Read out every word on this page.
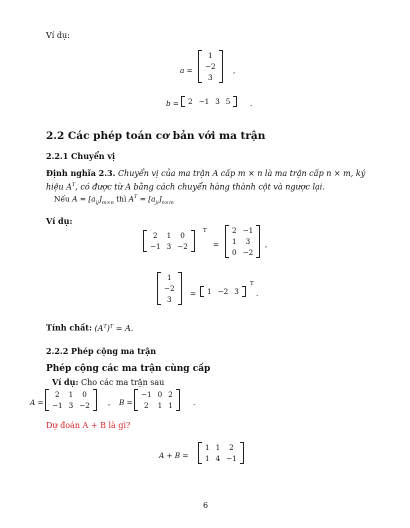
Ví dụ:
a =
1
−2
3
,
b =	2 −1 3 5	.
2.2 Các phép toán cơ bản với ma trận
2.2.1 Chuyển vị
Định nghĩa 2.3. Chuyển vị của ma trận A cấp m × n là ma trận cấp n × m, ký
hiệu $A^T$, có được từ A bằng cách chuyển hàng thành cột và ngược lại.
Nếu $A = [a_{ij}]_{m\times n}$ thì $A^T = [a_{ji}]_{n\times m}$
Ví dụ:
2	1	0
−1 3 −2
T
=
2 −1
1	3
0 −2
,
1
−2
3
=	1 −2 3
T
.
Tính chất: $(A^T)^T = A$.
2.2.2 Phép cộng ma trận
Phép cộng các ma trận cùng cấp
Ví dụ: Cho các ma trận sau
A =
2	1	0
−1 3 −2	, B =
−1 0 2
2	1 1	.
Dự đoán A + B là gì?
A + B =
1 1	2
1 4 −1
6
